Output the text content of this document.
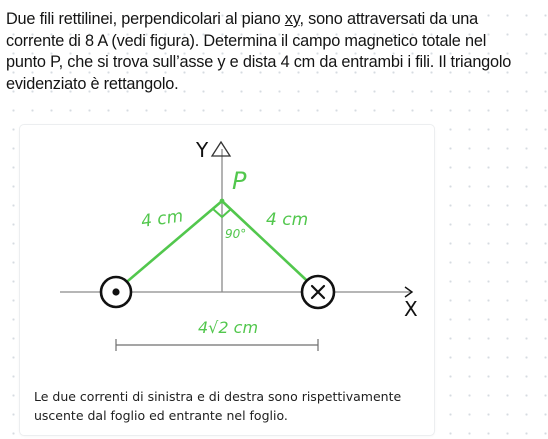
Due fili rettilinei, perpendicolari al piano xy, sono attraversati da una
corrente di 8 A (vedi figura). Determina il campo magnetico totale nel
punto P, che si trova sull’asse y e dista 4 cm da entrambi i fili. Il triangolo
evidenziato è rettangolo.
Y
X
P
4 cm	4 cm
90°
4√2 cm
Le due correnti di sinistra e di destra sono rispettivamente
uscente dal foglio ed entrante nel foglio.
